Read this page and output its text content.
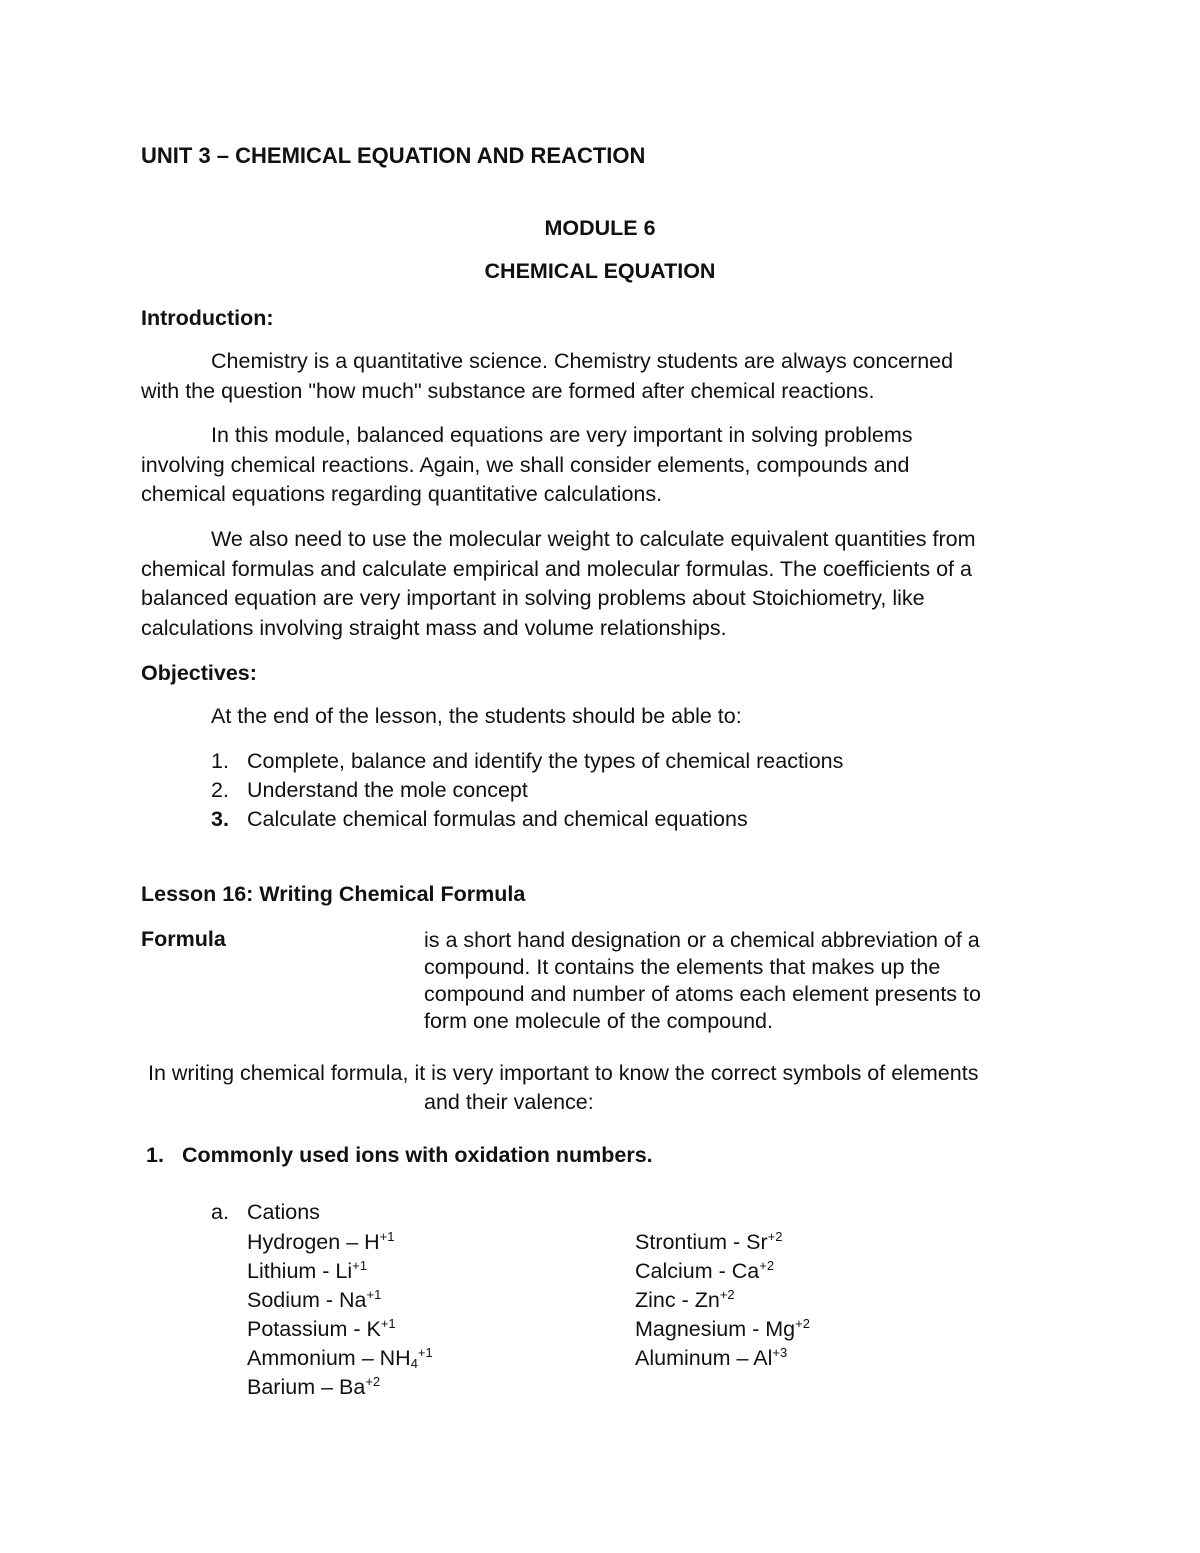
UNIT 3 – CHEMICAL EQUATION AND REACTION
MODULE 6
CHEMICAL EQUATION
Introduction:
Chemistry is a quantitative science. Chemistry students are always concerned
with the question "how much" substance are formed after chemical reactions.
In this module, balanced equations are very important in solving problems
involving chemical reactions. Again, we shall consider elements, compounds and
chemical equations regarding quantitative calculations.
We also need to use the molecular weight to calculate equivalent quantities from
chemical formulas and calculate empirical and molecular formulas. The coefficients of a
balanced equation are very important in solving problems about Stoichiometry, like
calculations involving straight mass and volume relationships.
Objectives:
At the end of the lesson, the students should be able to:
1. Complete, balance and identify the types of chemical reactions
2. Understand the mole concept
3. Calculate chemical formulas and chemical equations
Lesson 16: Writing Chemical Formula
Formula	is a short hand designation or a chemical abbreviation of a
compound. It contains the elements that makes up the
compound and number of atoms each element presents to
form one molecule of the compound.
In writing chemical formula, it is very important to know the correct symbols of elements
and their valence:
1. Commonly used ions with oxidation numbers.
a. Cations
Hydrogen – $H^{+1}$
Lithium - $Li^{+1}$
Sodium - $Na^{+1}$
Potassium - $K^{+1}$
Ammonium – $NH_4^{+1}$
Barium – $Ba^{+2}$
Strontium - $Sr^{+2}$
Calcium - $Ca^{+2}$
Zinc - $Zn^{+2}$
Magnesium - $Mg^{+2}$
Aluminum – $Al^{+3}$
